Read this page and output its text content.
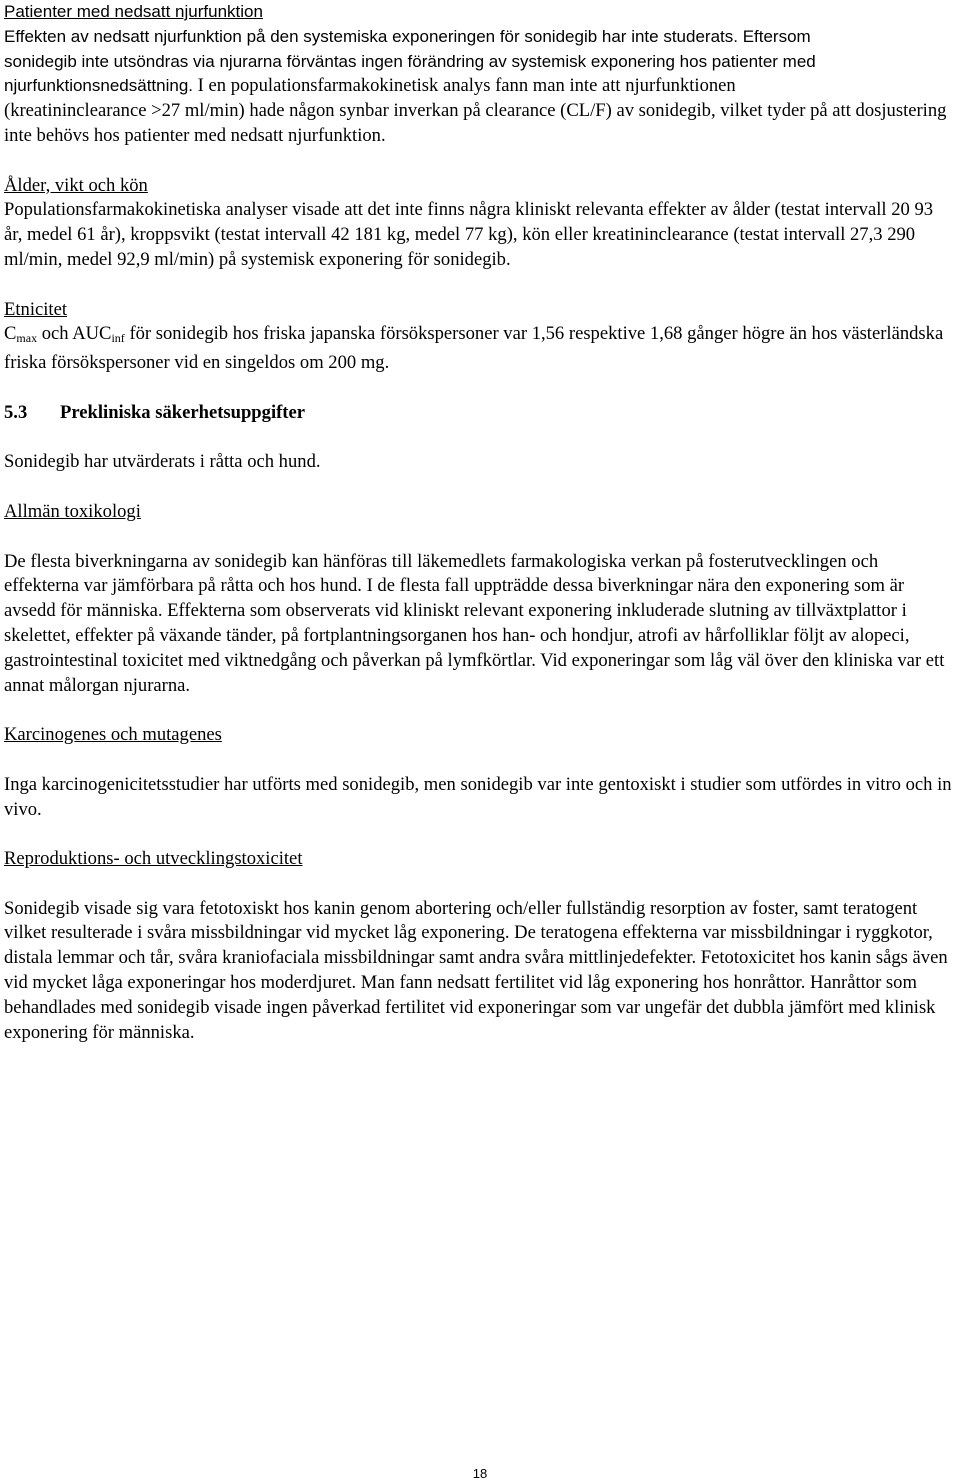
Patienter med nedsatt njurfunktion
Effekten av nedsatt njurfunktion på den systemiska exponeringen för sonidegib har inte studerats. Eftersom
sonidegib inte utsöndras via njurarna förväntas ingen förändring av systemisk exponering hos patienter med
njurfunktionsnedsättning. I en populationsfarmakokinetisk analys fann man inte att njurfunktionen
(kreatininclearance >27 ml/min) hade någon synbar inverkan på clearance (CL/F) av sonidegib, vilket tyder på att dosjustering inte behövs hos patienter med nedsatt njurfunktion.
Ålder, vikt och kön
Populationsfarmakokinetiska analyser visade att det inte finns några kliniskt relevanta effekter av ålder (testat intervall 20 93 år, medel 61 år), kroppsvikt (testat intervall 42 181 kg, medel 77 kg), kön eller kreatininclearance (testat intervall 27,3 290 ml/min, medel 92,9 ml/min) på systemisk exponering för sonidegib.
Etnicitet
$C_{max}$ och $AUC_{inf}$ för sonidegib hos friska japanska försökspersoner var 1,56 respektive 1,68 gånger högre än hos västerländska friska försökspersoner vid en singeldos om 200 mg.
5.3 Prekliniska säkerhetsuppgifter
Sonidegib har utvärderats i råtta och hund.
Allmän toxikologi
De flesta biverkningarna av sonidegib kan hänföras till läkemedlets farmakologiska verkan på fosterutvecklingen och effekterna var jämförbara på råtta och hos hund. I de flesta fall uppträdde dessa biverkningar nära den exponering som är avsedd för människa. Effekterna som observerats vid kliniskt relevant exponering inkluderade slutning av tillväxtplattor i skelettet, effekter på växande tänder, på fortplantningsorganen hos han- och hondjur, atrofi av hårfolliklar följt av alopeci, gastrointestinal toxicitet med viktnedgång och påverkan på lymfkörtlar. Vid exponeringar som låg väl över den kliniska var ett annat målorgan njurarna.
Karcinogenes och mutagenes
Inga karcinogenicitetsstudier har utförts med sonidegib, men sonidegib var inte gentoxiskt i studier som utfördes in vitro och in vivo.
Reproduktions- och utvecklingstoxicitet
Sonidegib visade sig vara fetotoxiskt hos kanin genom abortering och/eller fullständig resorption av foster, samt teratogent vilket resulterade i svåra missbildningar vid mycket låg exponering. De teratogena effekterna var missbildningar i ryggkotor, distala lemmar och tår, svåra kraniofaciala missbildningar samt andra svåra mittlinjedefekter. Fetotoxicitet hos kanin sågs även vid mycket låga exponeringar hos moderdjuret. Man fann nedsatt fertilitet vid låg exponering hos honråttor. Hanråttor som behandlades med sonidegib visade ingen påverkad fertilitet vid exponeringar som var ungefär det dubbla jämfört med klinisk exponering för människa.
18
